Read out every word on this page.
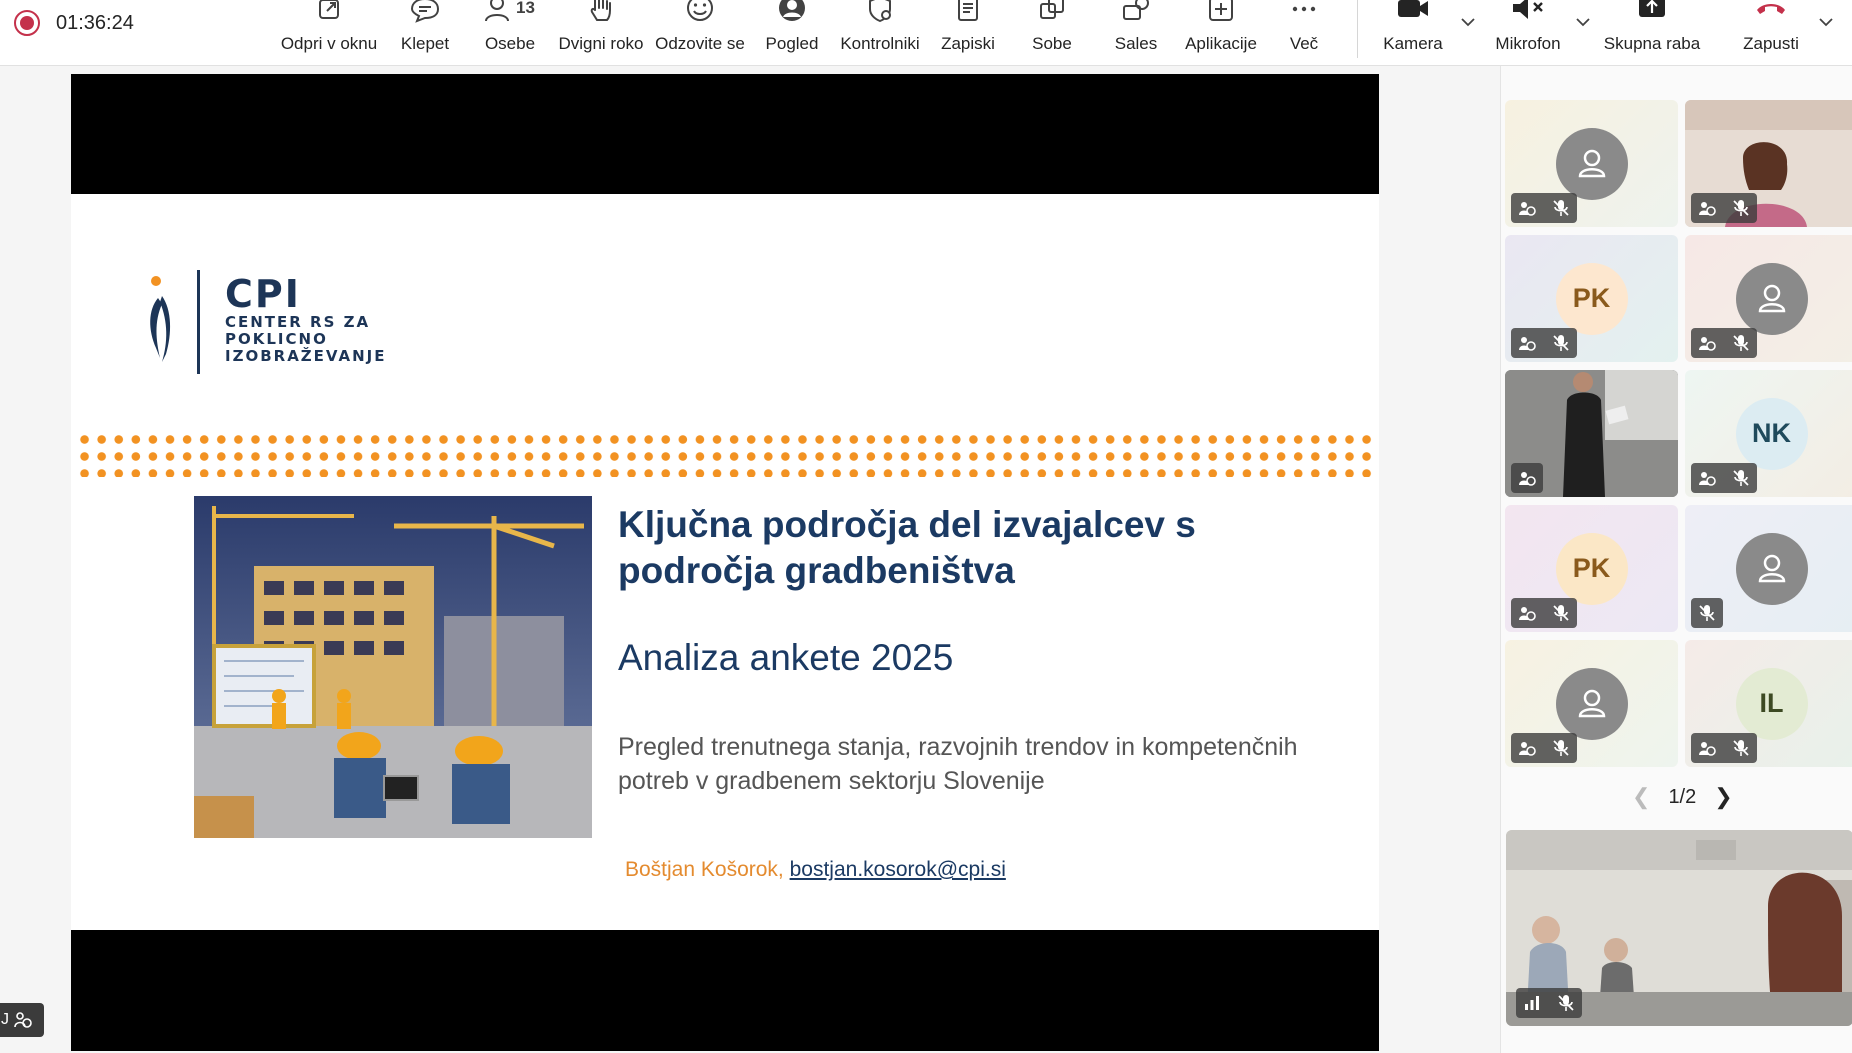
01:36:24
Odpri v oknu Klepet
13
Osebe Dvigni roko Odzovite se Pogled Kontrolniki Zapiski Sobe	Sales Aplikacije Več	Kamera	Mikrofon	Skupna raba	Zapusti
CPI
CENTER RS ZA
POKLICNO
IZOBRAŽEVANJE
Ključna področja del izvajalcev s področja gradbeništva
Analiza ankete 2025
Pregled trenutnega stanja, razvojnih trendov in kompetenčnih potreb v gradbenem sektorju Slovenije
Boštjan Košorok, bostjan.kosorok@cpi.si
J
PK
NK
PK
IL
❮ 1/2 ❯
